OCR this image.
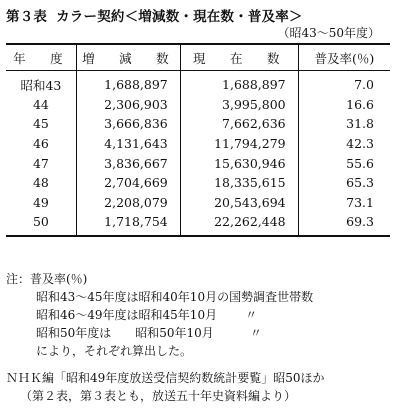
第３表 カラー契約＜増減数・現在数・普及率＞
（昭43〜50年度）
年　度	増　減　数	現　在　数	普及率(％)
昭和43	1,688,897	1,688,897	7.0
44	2,306,903	3,995,800	16.6
45	3,666,836	7,662,636	31.8
46	4,131,643	11,794,279	42.3
47	3,836,667	15,630,946	55.6
48	2,704,669	18,335,615	65.3
49	2,208,079	20,543,694	73.1
50	1,718,754	22,262,448	69.3
注：普及率(％)
昭和43〜45年度は昭和40年10月の国勢調査世帯数
昭和46〜49年度は昭和45年10月 〃
昭和50年度は　　昭和50年10月	〃
により，それぞれ算出した。
ＮＨＫ編「昭和49年度放送受信契約数統計要覧」昭50ほか
（第２表，第３表とも，放送五十年史資料編より）
